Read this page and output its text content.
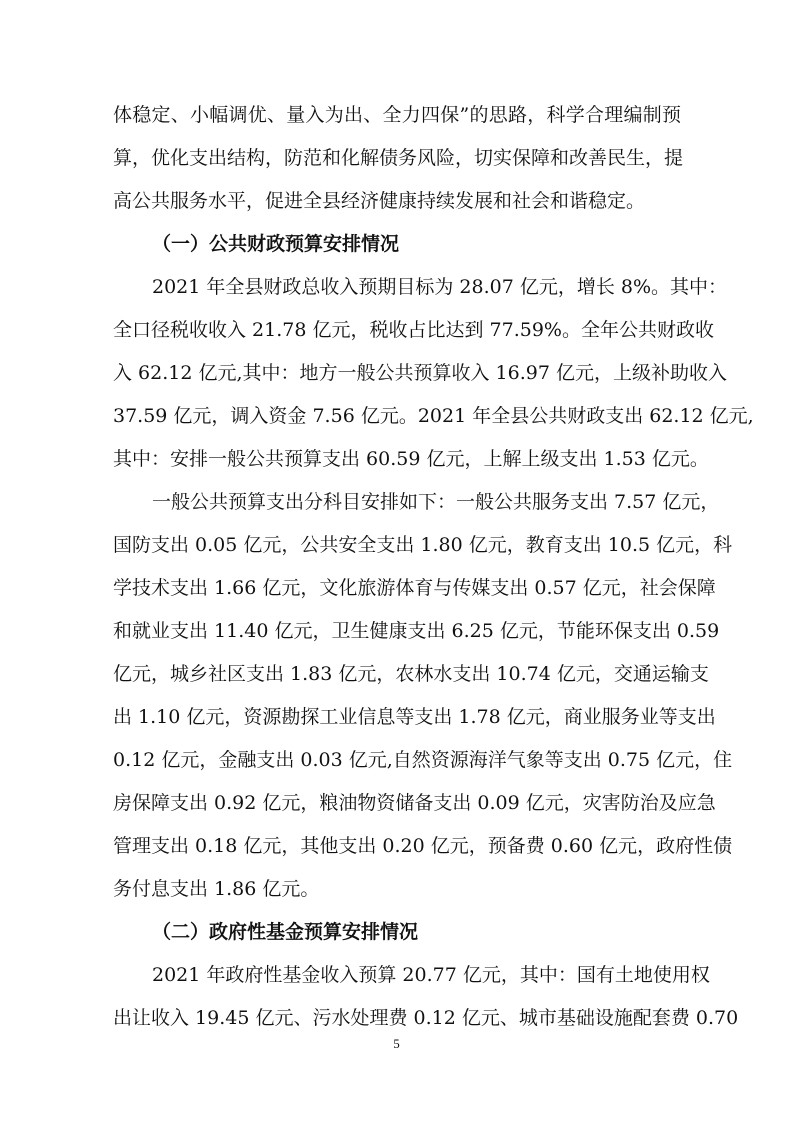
体稳定、小幅调优、量入为出、全力四保”的思路，科学合理编制预
算，优化支出结构，防范和化解债务风险，切实保障和改善民生，提
高公共服务水平，促进全县经济健康持续发展和社会和谐稳定。
（一）公共财政预算安排情况
2021 年全县财政总收入预期目标为 28.07 亿元，增长 8%。其中：
全口径税收收入 21.78 亿元，税收占比达到 77.59%。全年公共财政收
入 62.12 亿元,其中：地方一般公共预算收入 16.97 亿元，上级补助收入
37.59 亿元，调入资金 7.56 亿元。2021 年全县公共财政支出 62.12 亿元,
其中：安排一般公共预算支出 60.59 亿元，上解上级支出 1.53 亿元。
一般公共预算支出分科目安排如下：一般公共服务支出 7.57 亿元，
国防支出 0.05 亿元，公共安全支出 1.80 亿元，教育支出 10.5 亿元，科
学技术支出 1.66 亿元，文化旅游体育与传媒支出 0.57 亿元，社会保障
和就业支出 11.40 亿元，卫生健康支出 6.25 亿元，节能环保支出 0.59
亿元，城乡社区支出 1.83 亿元，农林水支出 10.74 亿元，交通运输支
出 1.10 亿元，资源勘探工业信息等支出 1.78 亿元，商业服务业等支出
0.12 亿元，金融支出 0.03 亿元,自然资源海洋气象等支出 0.75 亿元，住
房保障支出 0.92 亿元，粮油物资储备支出 0.09 亿元，灾害防治及应急
管理支出 0.18 亿元，其他支出 0.20 亿元，预备费 0.60 亿元，政府性债
务付息支出 1.86 亿元。
（二）政府性基金预算安排情况
2021 年政府性基金收入预算 20.77 亿元，其中：国有土地使用权
出让收入 19.45 亿元、污水处理费 0.12 亿元、城市基础设施配套费 0.70
5
